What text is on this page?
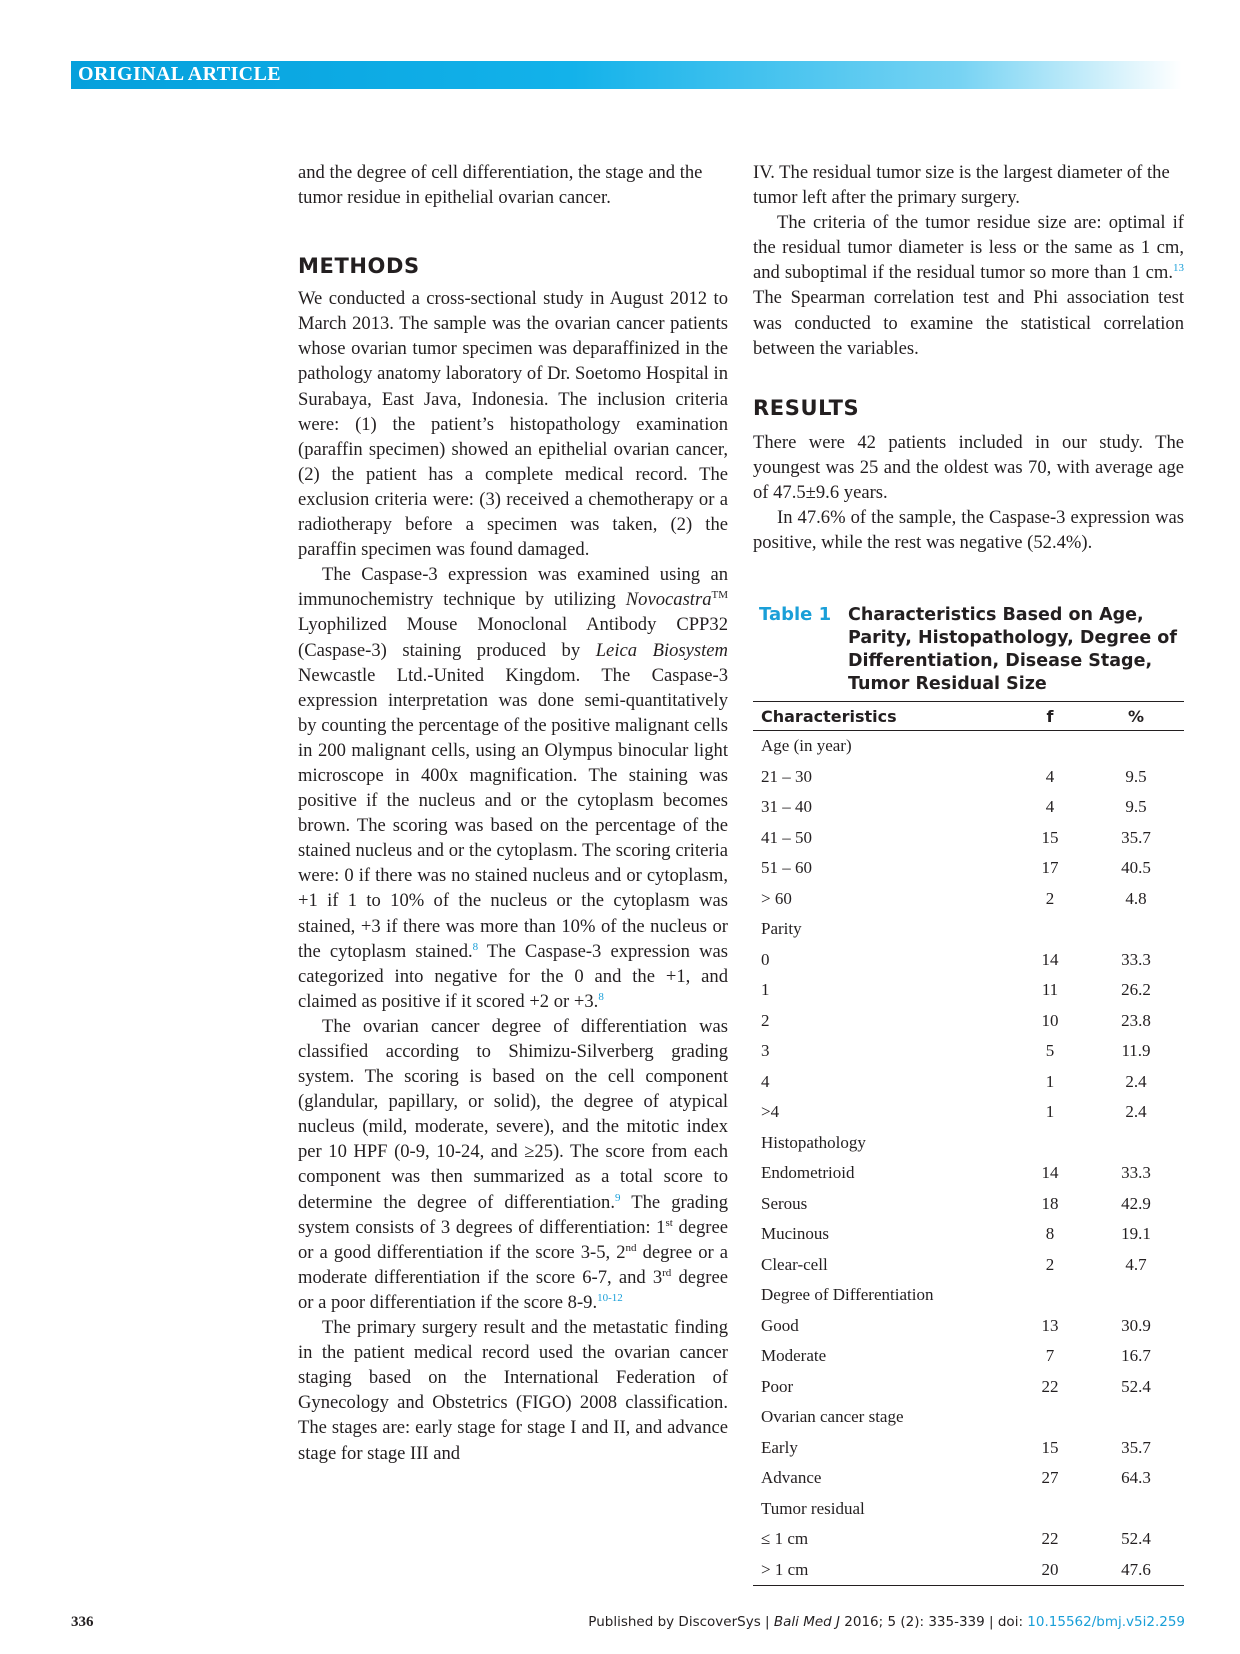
ORIGINAL ARTICLE

and the degree of cell differentiation, the stage and the tumor residue in epithelial ovarian cancer.

METHODS

We conducted a cross-sectional study in August 2012 to March 2013. The sample was the ovarian cancer patients whose ovarian tumor specimen was deparaffinized in the pathology anatomy laboratory of Dr. Soetomo Hospital in Surabaya, East Java, Indonesia. The inclusion criteria were: (1) the patient’s histopathology examination (paraffin specimen) showed an epithelial ovarian cancer, (2) the patient has a complete medical record. The exclusion criteria were: (3) received a chemotherapy or a radiotherapy before a specimen was taken, (2) the paraffin specimen was found damaged.

The Caspase-3 expression was examined using an immunochemistry technique by utilizing Novocastra™ Lyophilized Mouse Monoclonal Antibody CPP32 (Caspase-3) staining produced by Leica Biosystem Newcastle Ltd.-United Kingdom. The Caspase-3 expression interpretation was done semi-quantitatively by counting the percentage of the positive malignant cells in 200 malignant cells, using an Olympus binocular light microscope in 400x magnification. The staining was positive if the nucleus and or the cytoplasm becomes brown. The scoring was based on the percentage of the stained nucleus and or the cytoplasm. The scoring criteria were: 0 if there was no stained nucleus and or cytoplasm, +1 if 1 to 10% of the nucleus or the cytoplasm was stained, +3 if there was more than 10% of the nucleus or the cytoplasm stained.$^8$ The Caspase-3 expression was categorized into negative for the 0 and the +1, and claimed as positive if it scored +2 or +3.$^8$

The ovarian cancer degree of differentiation was classified according to Shimizu-Silverberg grading system. The scoring is based on the cell component (glandular, papillary, or solid), the degree of atypical nucleus (mild, moderate, severe), and the mitotic index per 10 HPF (0-9, 10-24, and ≥25). The score from each component was then summarized as a total score to determine the degree of differentiation.$^9$ The grading system consists of 3 degrees of differentiation: 1st degree or a good differentiation if the score 3-5, 2nd degree or a moderate differentiation if the score 6-7, and 3rd degree or a poor differentiation if the score 8-9.$^{10-12}$

The primary surgery result and the metastatic finding in the patient medical record used the ovarian cancer staging based on the International Federation of Gynecology and Obstetrics (FIGO) 2008 classification. The stages are: early stage for stage I and II, and advance stage for stage III and

IV. The residual tumor size is the largest diameter of the tumor left after the primary surgery.

The criteria of the tumor residue size are: optimal if the residual tumor diameter is less or the same as 1 cm, and suboptimal if the residual tumor so more than 1 cm.$^{13}$ The Spearman correlation test and Phi association test was conducted to examine the statistical correlation between the variables.

RESULTS

There were 42 patients included in our study. The youngest was 25 and the oldest was 70, with average age of 47.5±9.6 years.

In 47.6% of the sample, the Caspase-3 expression was positive, while the rest was negative (52.4%).

Table 1 Characteristics Based on Age, Parity, Histopathology, Degree of Differentiation, Disease Stage, Tumor Residual Size
Characteristics	f	%
Age (in year)		
21 – 30	4	9.5
31 – 40	4	9.5
41 – 50	15	35.7
51 – 60	17	40.5
> 60	2	4.8
Parity		
0	14	33.3
1	11	26.2
2	10	23.8
3	5	11.9
4	1	2.4
>4	1	2.4
Histopathology		
Endometrioid	14	33.3
Serous	18	42.9
Mucinous	8	19.1
Clear-cell	2	4.7
Degree of Differentiation		
Good	13	30.9
Moderate	7	16.7
Poor	22	52.4
Ovarian cancer stage		
Early	15	35.7
Advance	27	64.3
Tumor residual		
≤ 1 cm	22	52.4
> 1 cm	20	47.6
336	Published by DiscoverSys | Bali Med J 2016; 5 (2): 335-339 | doi: 10.15562/bmj.v5i2.259
